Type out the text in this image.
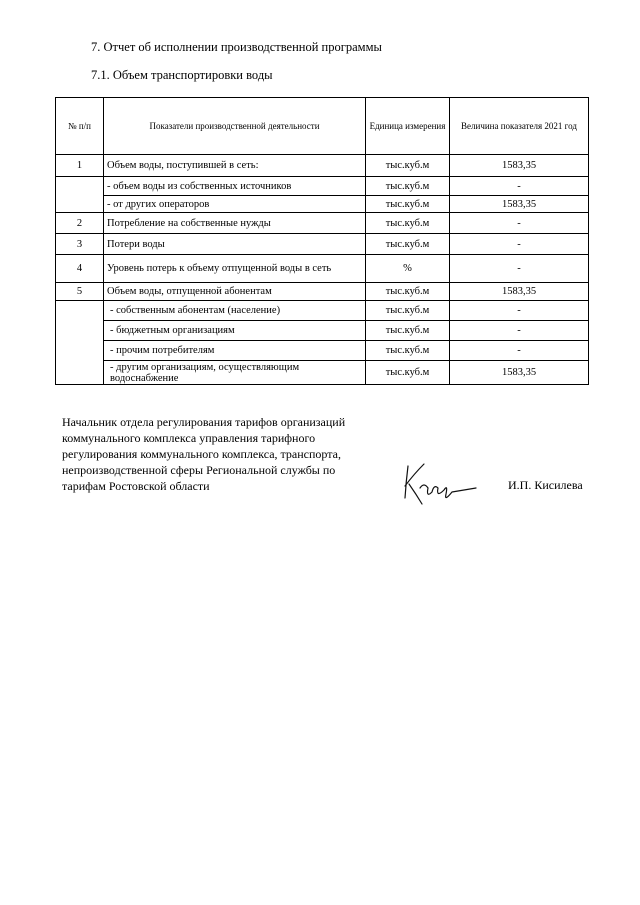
7. Отчет об исполнении производственной программы
7.1. Объем транспортировки воды
№ п/п	Показатели производственной деятельности	Единица измерения	Величина показателя 2021 год
1	Объем воды, поступившей в сеть:	тыс.куб.м	1583,35
	- объем воды из собственных источников	тыс.куб.м	-
	- от других операторов	тыс.куб.м	1583,35
2	Потребление на собственные нужды	тыс.куб.м	-
3	Потери воды	тыс.куб.м	-
4	Уровень потерь к объему отпущенной воды в сеть	%	-
5	Объем воды, отпущенной абонентам	тыс.куб.м	1583,35
	- собственным абонентам (население)	тыс.куб.м	-
	- бюджетным организациям	тыс.куб.м	-
	- прочим потребителям	тыс.куб.м	-
	- другим организациям, осуществляющим водоснабжение	тыс.куб.м	1583,35
Начальник отдела регулирования тарифов организаций
коммунального комплекса управления тарифного
регулирования коммунального комплекса, транспорта,
непроизводственной сферы Региональной службы по
тарифам Ростовской области	И.П. Кисилева
